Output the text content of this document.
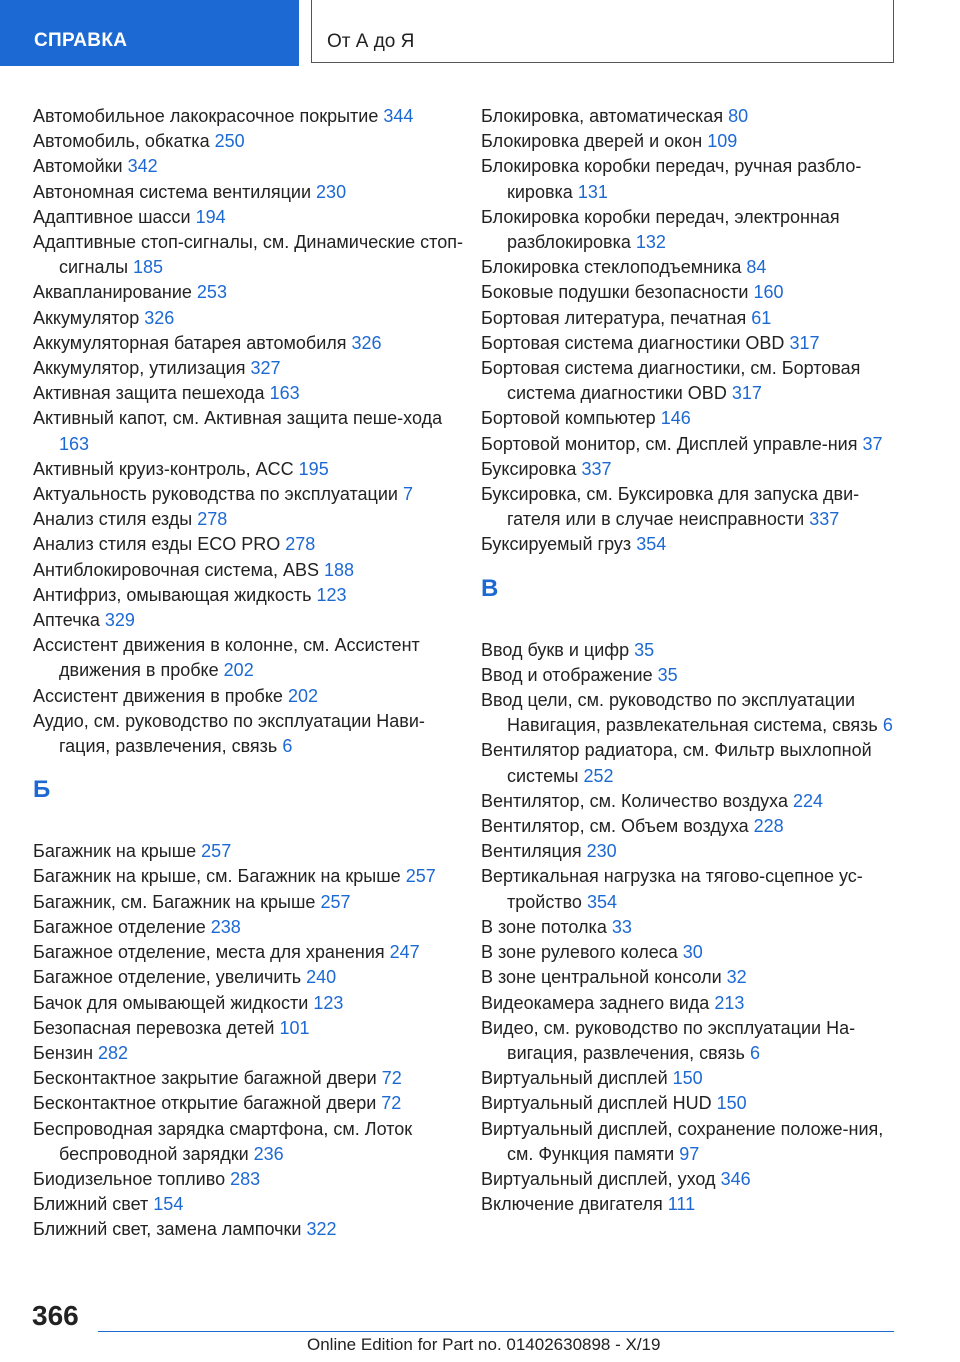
СПРАВКА	От А до Я
Автомобильное лакокрасочное покрытие 344
Автомобиль, обкатка 250
Автомойки 342
Автономная система вентиляции 230
Адаптивное шасси 194
Адаптивные стоп-сигналы, см. Динамические стоп-сигналы 185
Аквапланирование 253
Аккумулятор 326
Аккумуляторная батарея автомобиля 326
Аккумулятор, утилизация 327
Активная защита пешехода 163
Активный капот, см. Активная защита пеше-ходa 163
Активный круиз-контроль, ACC 195
Актуальность руководства по эксплуатации 7
Анализ стиля езды 278
Анализ стиля езды ECO PRO 278
Антиблокировочная система, ABS 188
Антифриз, омывающая жидкость 123
Аптечка 329
Ассистент движения в колонне, см. Ассистент движения в пробке 202
Ассистент движения в пробке 202
Аудио, см. руководство по эксплуатации Нави-гация, развлечения, связь 6
Б
Багажник на крыше 257
Багажник на крыше, см. Багажник на крыше 257
Багажник, см. Багажник на крыше 257
Багажное отделение 238
Багажное отделение, места для хранения 247
Багажное отделение, увеличить 240
Бачок для омывающей жидкости 123
Безопасная перевозка детей 101
Бензин 282
Бесконтактное закрытие багажной двери 72
Бесконтактное открытие багажной двери 72
Беспроводная зарядка смартфона, см. Лоток беспроводной зарядки 236
Биодизельное топливо 283
Ближний свет 154
Ближний свет, замена лампочки 322
Блокировка, автоматическая 80
Блокировка дверей и окон 109
Блокировка коробки передач, ручная разбло-кировка 131
Блокировка коробки передач, электронная разблокировка 132
Блокировка стеклоподъемника 84
Боковые подушки безопасности 160
Бортовая литература, печатная 61
Бортовая система диагностики OBD 317
Бортовая система диагностики, см. Бортовая система диагностики OBD 317
Бортовой компьютер 146
Бортовой монитор, см. Дисплей управле-ния 37
Буксировка 337
Буксировка, см. Буксировка для запуска дви-гателя или в случае неисправности 337
Буксируемый груз 354
В
Ввод букв и цифр 35
Ввод и отображение 35
Ввод цели, см. руководство по эксплуатации Навигация, развлекательная система, связь 6
Вентилятор радиатора, см. Фильтр выхлопной системы 252
Вентилятор, см. Количество воздуха 224
Вентилятор, см. Объем воздуха 228
Вентиляция 230
Вертикальная нагрузка на тягово-сцепное ус-тройство 354
В зоне потолка 33
В зоне рулевого колеса 30
В зоне центральной консоли 32
Видеокамера заднего вида 213
Видео, см. руководство по эксплуатации На-вигация, развлечения, связь 6
Виртуальный дисплей 150
Виртуальный дисплей HUD 150
Виртуальный дисплей, сохранение положе-ния, см. Функция памяти 97
Виртуальный дисплей, уход 346
Включение двигателя 111
366
Online Edition for Part no. 01402630898 - X/19
